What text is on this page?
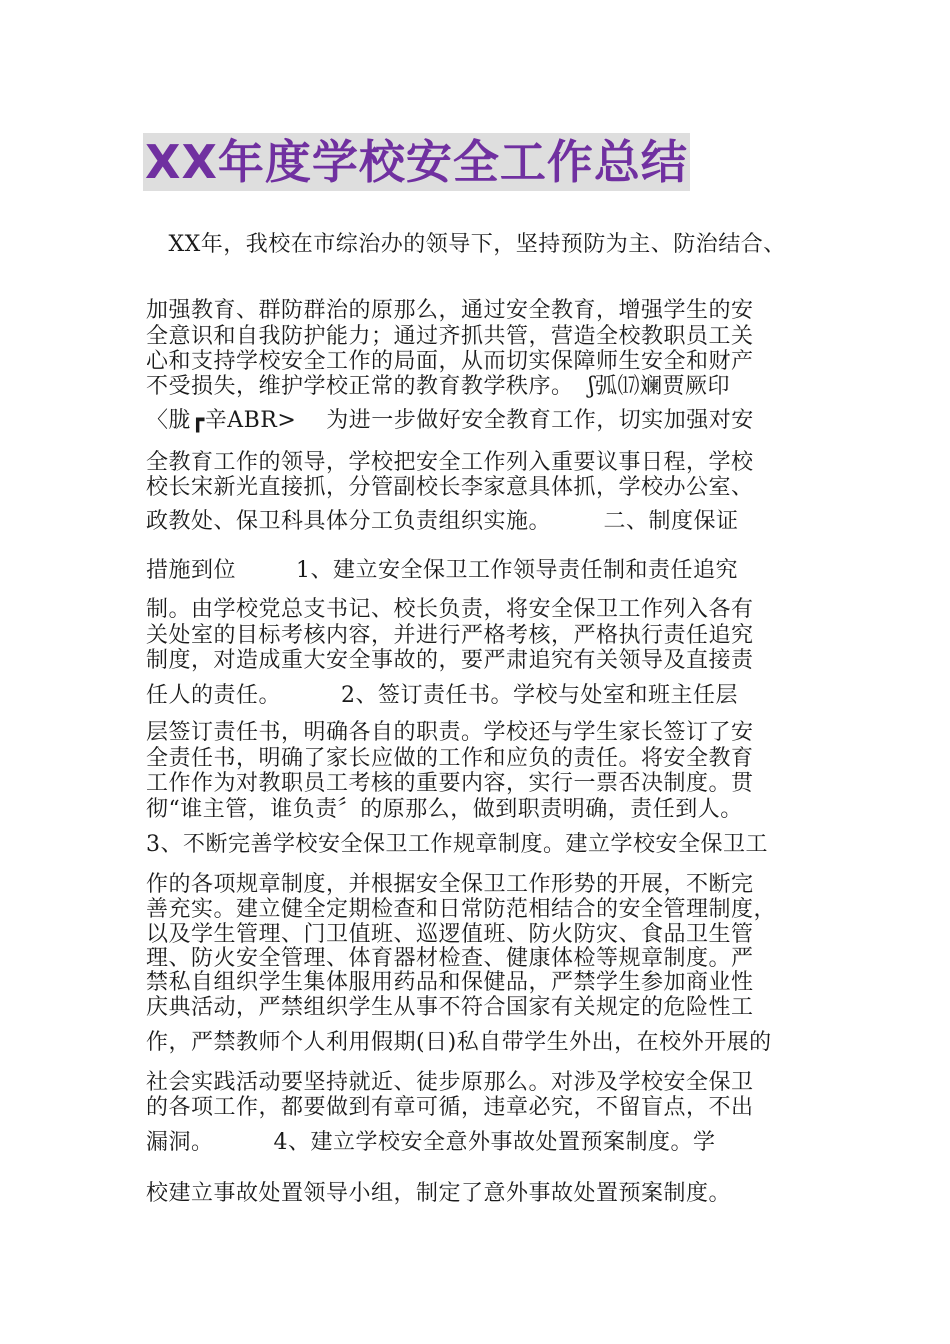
XX年度学校安全工作总结
XX年，我校在市综治办的领导下，坚持预防为主、防治结合、
加强教育、群防群治的原那么，通过安全教育，增强学生的安
全意识和自我防护能力；通过齐抓共管，营造全校教职员工关
心和支持学校安全工作的局面，从而切实保障师生安全和财产
不受损失，维护学校正常的教育教学秩序。  ʃ弧⒄斓贾厥印
〈胧┏辛ABR>    为进一步做好安全教育工作，切实加强对安
全教育工作的领导，学校把安全工作列入重要议事日程，学校
校长宋新光直接抓，分管副校长李家意具体抓，学校办公室、
政教处、保卫科具体分工负责组织实施。       二、制度保证
措施到位        1、建立安全保卫工作领导责任制和责任追究
制。由学校党总支书记、校长负责，将安全保卫工作列入各有
关处室的目标考核内容，并进行严格考核，严格执行责任追究
制度，对造成重大安全事故的，要严肃追究有关领导及直接责
任人的责任。        2、签订责任书。学校与处室和班主任层
层签订责任书，明确各自的职责。学校还与学生家长签订了安
全责任书，明确了家长应做的工作和应负的责任。将安全教育
工作作为对教职员工考核的重要内容，实行一票否决制度。贯
彻“谁主管，谁负责〞的原那么，做到职责明确，责任到人。
3、不断完善学校安全保卫工作规章制度。建立学校安全保卫工
作的各项规章制度，并根据安全保卫工作形势的开展，不断完
善充实。建立健全定期检查和日常防范相结合的安全管理制度，
以及学生管理、门卫值班、巡逻值班、防火防灾、食品卫生管
理、防火安全管理、体育器材检查、健康体检等规章制度。严
禁私自组织学生集体服用药品和保健品，严禁学生参加商业性
庆典活动，严禁组织学生从事不符合国家有关规定的危险性工
作，严禁教师个人利用假期(日)私自带学生外出，在校外开展的
社会实践活动要坚持就近、徒步原那么。对涉及学校安全保卫
的各项工作，都要做到有章可循，违章必究，不留盲点，不出
漏洞。        4、建立学校安全意外事故处置预案制度。学
校建立事故处置领导小组，制定了意外事故处置预案制度。
